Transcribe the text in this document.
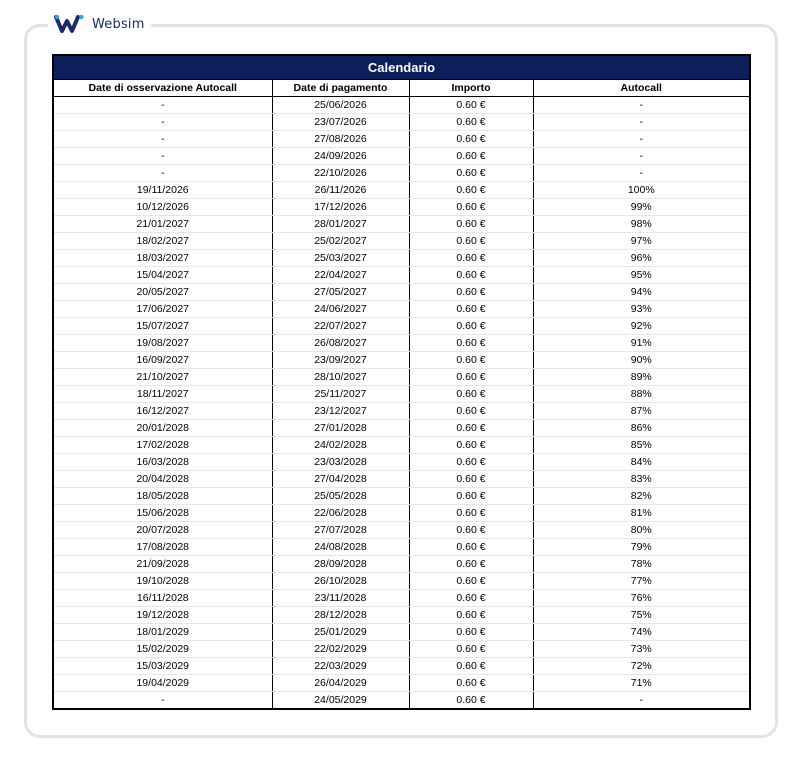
Websim
Calendario
Date di osservazione Autocall	Date di pagamento	Importo	Autocall
-	25/06/2026	0.60 €	-
-	23/07/2026	0.60 €	-
-	27/08/2026	0.60 €	-
-	24/09/2026	0.60 €	-
-	22/10/2026	0.60 €	-
19/11/2026	26/11/2026	0.60 €	100%
10/12/2026	17/12/2026	0.60 €	99%
21/01/2027	28/01/2027	0.60 €	98%
18/02/2027	25/02/2027	0.60 €	97%
18/03/2027	25/03/2027	0.60 €	96%
15/04/2027	22/04/2027	0.60 €	95%
20/05/2027	27/05/2027	0.60 €	94%
17/06/2027	24/06/2027	0.60 €	93%
15/07/2027	22/07/2027	0.60 €	92%
19/08/2027	26/08/2027	0.60 €	91%
16/09/2027	23/09/2027	0.60 €	90%
21/10/2027	28/10/2027	0.60 €	89%
18/11/2027	25/11/2027	0.60 €	88%
16/12/2027	23/12/2027	0.60 €	87%
20/01/2028	27/01/2028	0.60 €	86%
17/02/2028	24/02/2028	0.60 €	85%
16/03/2028	23/03/2028	0.60 €	84%
20/04/2028	27/04/2028	0.60 €	83%
18/05/2028	25/05/2028	0.60 €	82%
15/06/2028	22/06/2028	0.60 €	81%
20/07/2028	27/07/2028	0.60 €	80%
17/08/2028	24/08/2028	0.60 €	79%
21/09/2028	28/09/2028	0.60 €	78%
19/10/2028	26/10/2028	0.60 €	77%
16/11/2028	23/11/2028	0.60 €	76%
19/12/2028	28/12/2028	0.60 €	75%
18/01/2029	25/01/2029	0.60 €	74%
15/02/2029	22/02/2029	0.60 €	73%
15/03/2029	22/03/2029	0.60 €	72%
19/04/2029	26/04/2029	0.60 €	71%
-	24/05/2029	0.60 €	-
